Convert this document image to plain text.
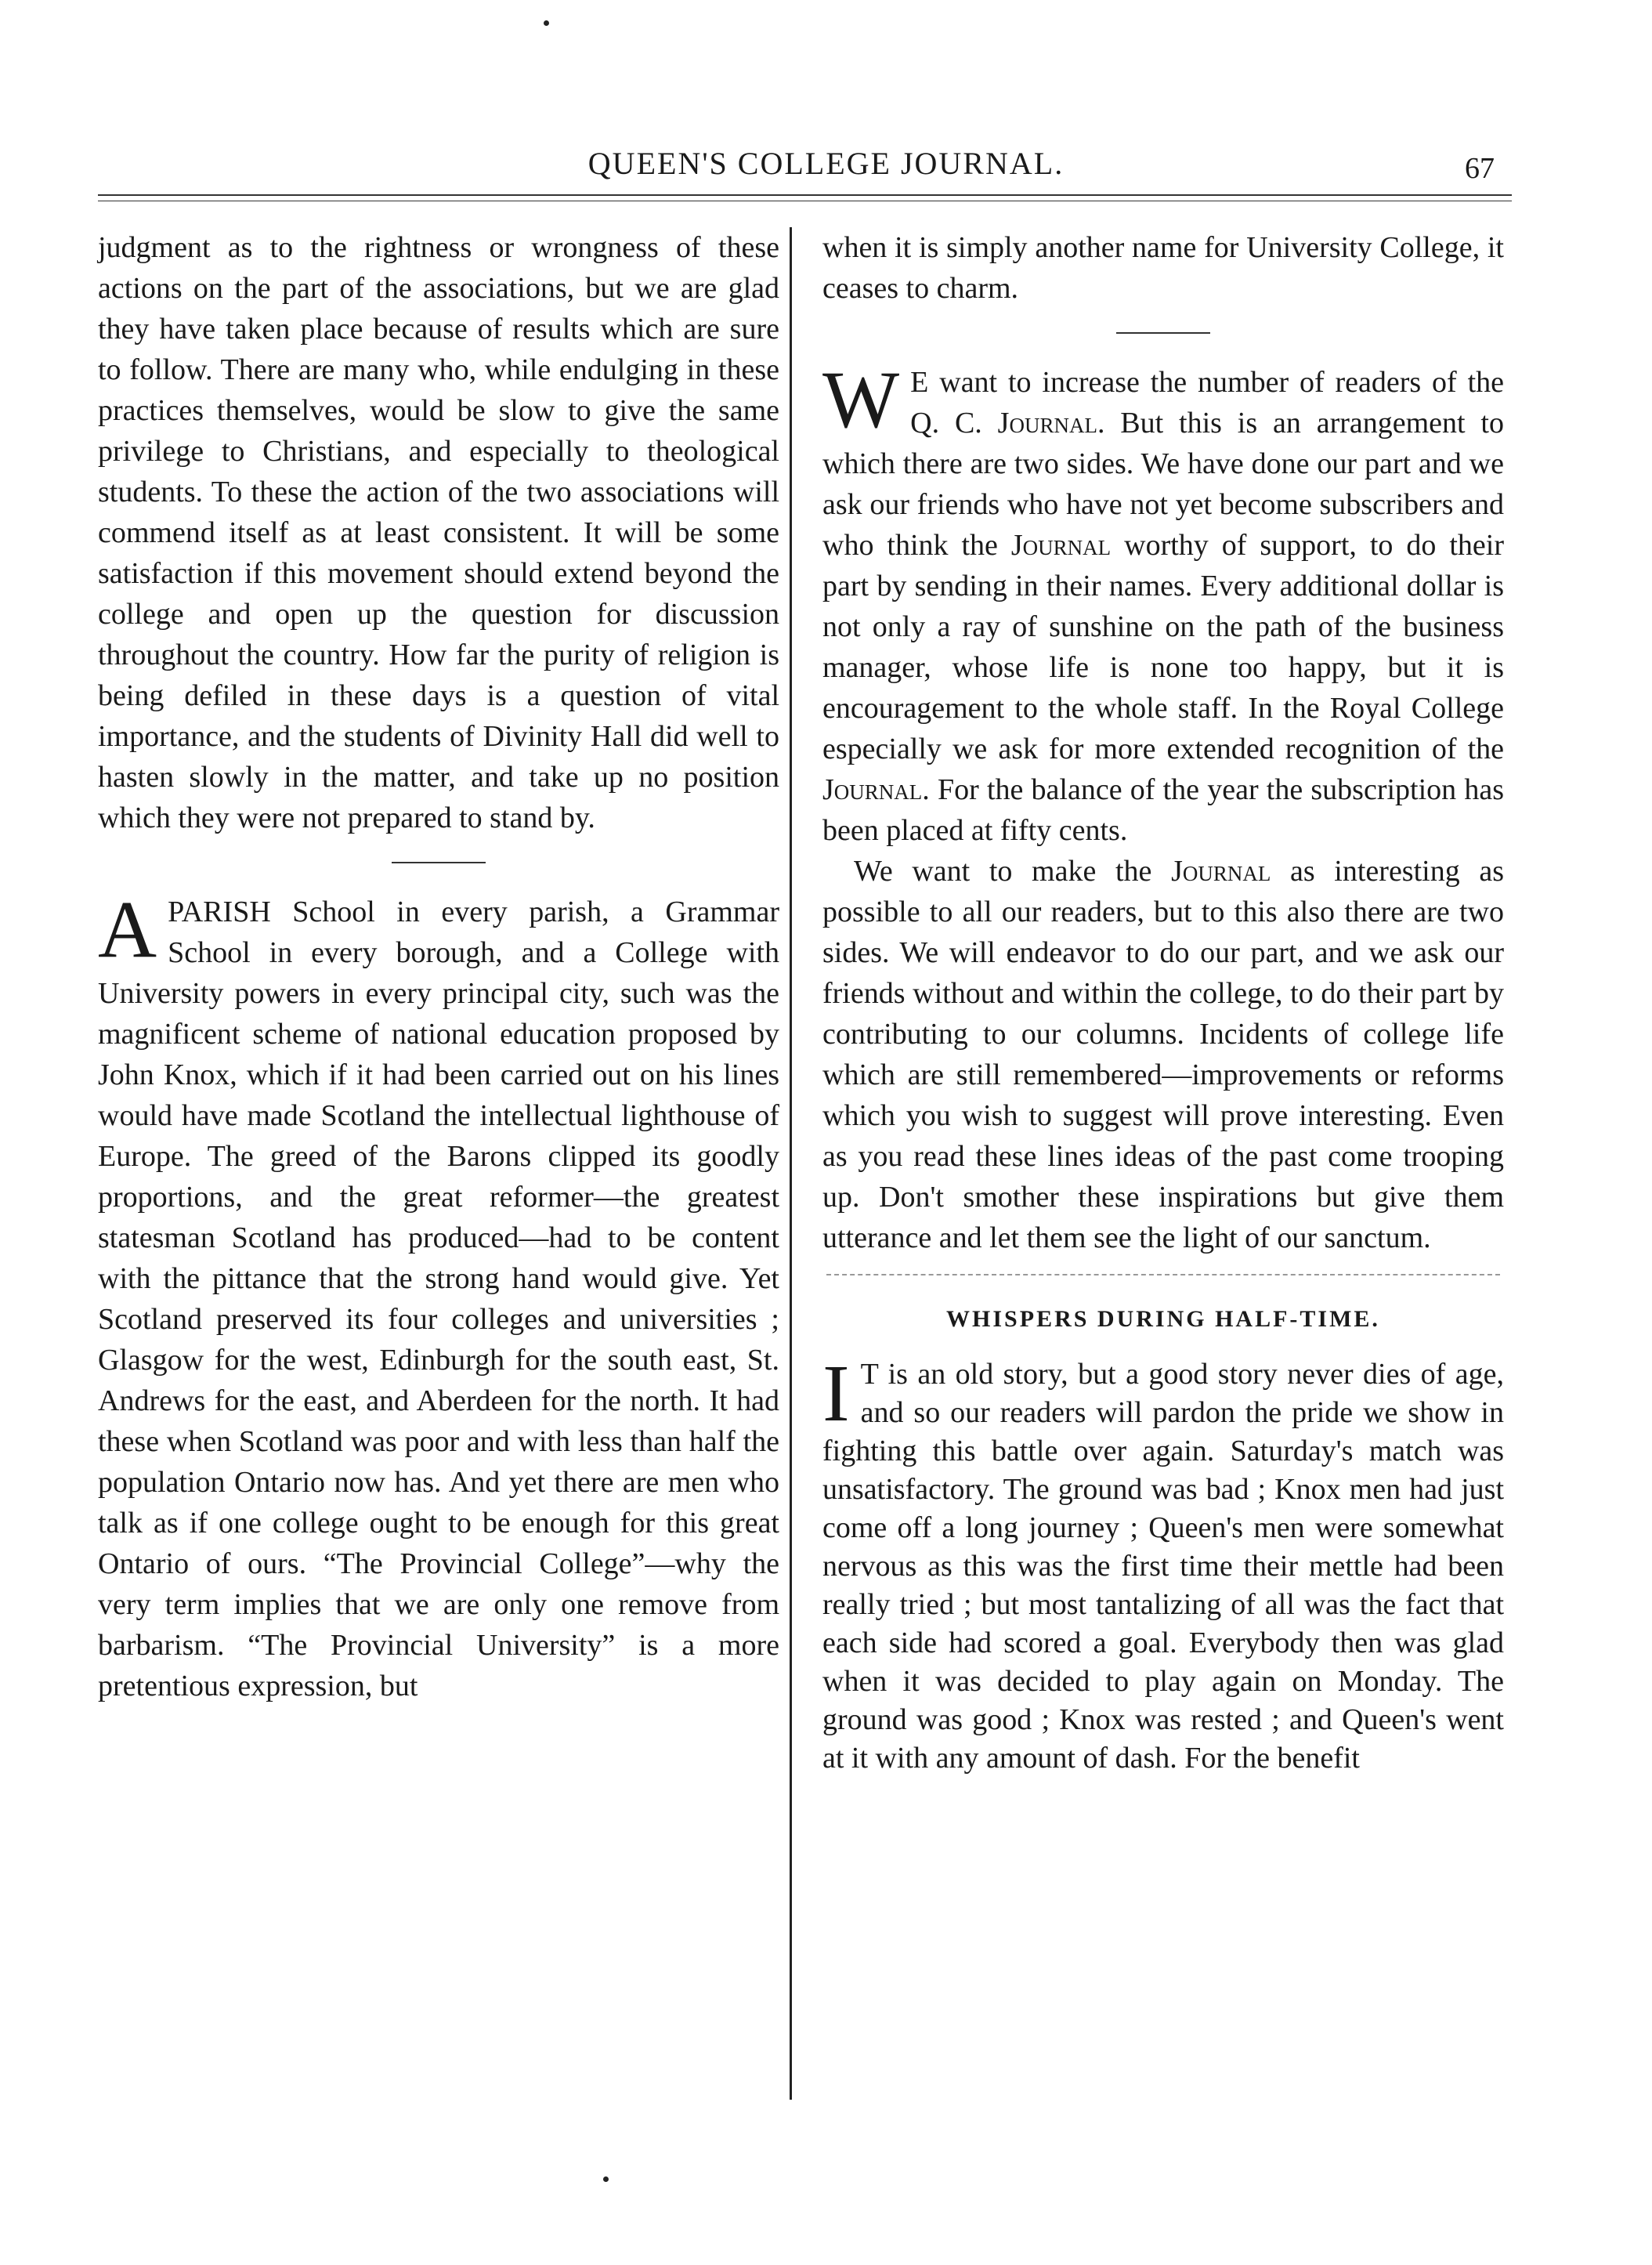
QUEEN'S COLLEGE JOURNAL.	67

judgment as to the rightness or wrongness of these actions on the part of the associations, but we are glad they have taken place because of results which are sure to follow. There are many who, while endulging in these practices themselves, would be slow to give the same privilege to Christians, and especially to theological students. To these the action of the two associations will commend itself as at least consistent. It will be some satisfaction if this movement should extend beyond the college and open up the question for discussion throughout the country. How far the purity of religion is being defiled in these days is a question of vital importance, and the students of Divinity Hall did well to hasten slowly in the matter, and take up no position which they were not prepared to stand by.

A PARISH School in every parish, a Grammar School in every borough, and a College with University powers in every principal city, such was the magnificent scheme of national education proposed by John Knox, which if it had been carried out on his lines would have made Scotland the intellectual lighthouse of Europe. The greed of the Barons clipped its goodly proportions, and the great reformer—the greatest statesman Scotland has produced—had to be content with the pittance that the strong hand would give. Yet Scotland preserved its four colleges and universities ; Glasgow for the west, Edinburgh for the south east, St. Andrews for the east, and Aberdeen for the north. It had these when Scotland was poor and with less than half the population Ontario now has. And yet there are men who talk as if one college ought to be enough for this great Ontario of ours. “The Provincial College”—why the very term implies that we are only one remove from barbarism. “The Provincial University” is a more pretentious expression, but

when it is simply another name for University College, it ceases to charm.

W E want to increase the number of readers of the Q. C. Journal. But this is an arrangement to which there are two sides. We have done our part and we ask our friends who have not yet become subscribers and who think the Journal worthy of support, to do their part by sending in their names. Every additional dollar is not only a ray of sunshine on the path of the business manager, whose life is none too happy, but it is encouragement to the whole staff. In the Royal College especially we ask for more extended recognition of the Journal. For the balance of the year the subscription has been placed at fifty cents.

We want to make the Journal as interesting as possible to all our readers, but to this also there are two sides. We will endeavor to do our part, and we ask our friends without and within the college, to do their part by contributing to our columns. Incidents of college life which are still remembered—improvements or reforms which you wish to suggest will prove interesting. Even as you read these lines ideas of the past come trooping up. Don't smother these inspirations but give them utterance and let them see the light of our sanctum.

WHISPERS DURING HALF-TIME.
I T is an old story, but a good story never dies of age, and so our readers will pardon the pride we show in fighting this battle over again. Saturday's match was unsatisfactory. The ground was bad ; Knox men had just come off a long journey ; Queen's men were somewhat nervous as this was the first time their mettle had been really tried ; but most tantalizing of all was the fact that each side had scored a goal. Everybody then was glad when it was decided to play again on Monday. The ground was good ; Knox was rested ; and Queen's went at it with any amount of dash. For the benefit
